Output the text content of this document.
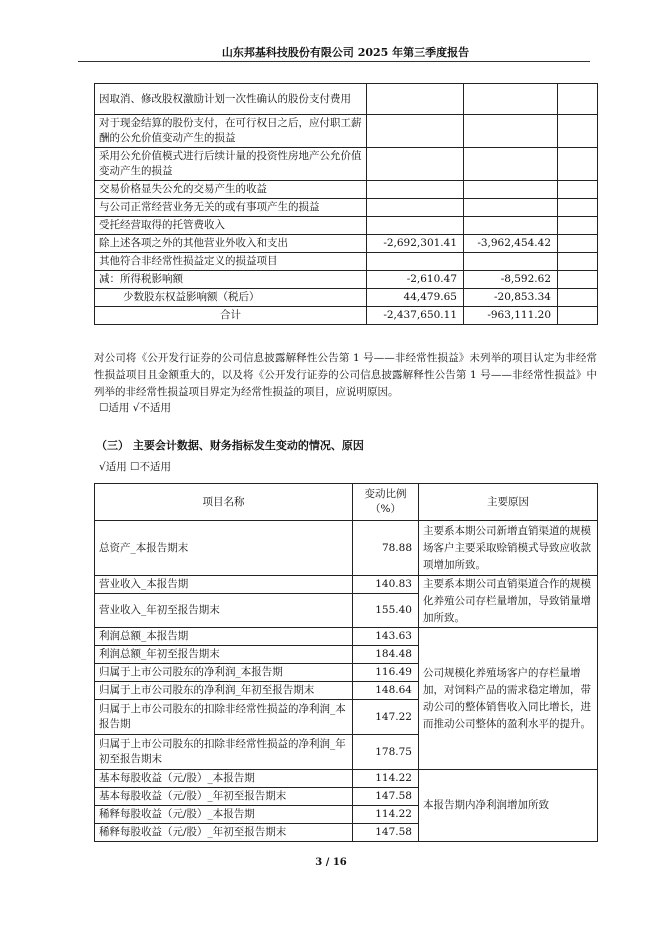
山东邦基科技股份有限公司 2025 年第三季度报告
因取消、修改股权激励计划一次性确认的股份支付费用			
对于现金结算的股份支付，在可行权日之后，应付职工薪酬的公允价值变动产生的损益			
采用公允价值模式进行后续计量的投资性房地产公允价值变动产生的损益			
交易价格显失公允的交易产生的收益			
与公司正常经营业务无关的或有事项产生的损益			
受托经营取得的托管费收入			
除上述各项之外的其他营业外收入和支出	-2,692,301.41	-3,962,454.42	
其他符合非经常性损益定义的损益项目			
减：所得税影响额	-2,610.47	-8,592.62	
少数股东权益影响额（税后）	44,479.65	-20,853.34	
合计	-2,437,650.11	-963,111.20	
对公司将《公开发行证券的公司信息披露解释性公告第 1 号——非经常性损益》未列举的项目认定为非经常性损益项目且金额重大的，以及将《公开发行证券的公司信息披露解释性公告第 1 号——非经常性损益》中列举的非经常性损益项目界定为经常性损益的项目，应说明原因。
☐适用 √不适用
（三） 主要会计数据、财务指标发生变动的情况、原因
√适用 ☐不适用
项目名称	变动比例（%）	主要原因
总资产_本报告期末	78.88	主要系本期公司新增直销渠道的规模场客户主要采取赊销模式导致应收款项增加所致。
营业收入_本报告期	140.83	主要系本期公司直销渠道合作的规模化养殖公司存栏量增加，导致销量增加所致。
营业收入_年初至报告期末	155.40	
利润总额_本报告期	143.63	公司规模化养殖场客户的存栏量增加，对饲料产品的需求稳定增加，带动公司的整体销售收入同比增长，进而推动公司整体的盈利水平的提升。
利润总额_年初至报告期末	184.48	
归属于上市公司股东的净利润_本报告期	116.49	
归属于上市公司股东的净利润_年初至报告期末	148.64	
归属于上市公司股东的扣除非经常性损益的净利润_本报告期	147.22	
归属于上市公司股东的扣除非经常性损益的净利润_年初至报告期末	178.75	
基本每股收益（元/股）_本报告期	114.22	本报告期内净利润增加所致
基本每股收益（元/股）_年初至报告期末	147.58	
稀释每股收益（元/股）_本报告期	114.22	
稀释每股收益（元/股）_年初至报告期末	147.58	
3 / 16
